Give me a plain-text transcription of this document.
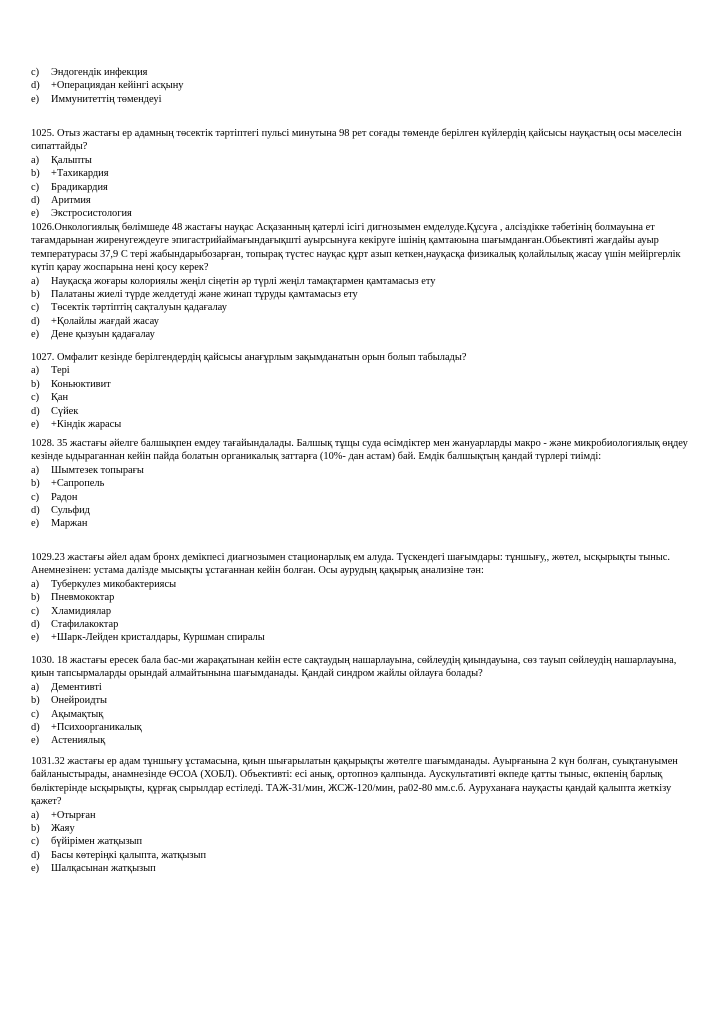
c)	Эндогендік инфекция
d)	+Операциядан кейінгі асқыну
e)	Иммунитеттің төмендеуі

1025. Отыз жастағы ер адамның төсектік тәртіптегі пульсі минутына 98 рет соғады төменде берілген күйлердің қайсысы науқастың осы мәселесін сипаттайды?

a)	Қалыпты
b)	+Тахикардия
c)	Брадикардия
d)	Аритмия
e)	Экстросистология

1026.Онкологиялық бөлімшеде 48 жастағы науқас Асқазанның қатерлі ісігі дигнозымен емделуде.Құсуға , алсіздікке тәбетінің болмауына ет тағамдарынан жиренугеждеуге эпигастрийаймағындағықшті ауырсынуға кекіруге ішінің қамтаюына шағымданған.Обьективті жағдайы ауыр температурасы 37,9 С тері жабындарыбозарған, топырақ түстес науқас құрт азып кеткен,науқасқа физикалық қолайлылық жасау үшін мейіргерлік күтіп қарау жоспарына нені қосу керек?

a)	Науқасқа жоғары колориялы жеңіл сіңетін әр түрлі жеңіл тамақтармен қамтамасыз ету
b)	Палатаны жиелі түрде желдетуді және жинап тұруды қамтамасыз ету
c)	Төсектік тәртіптің сақталуын қадағалау
d)	+Қолайлы жағдай жасау
e)	Дене қызуын қадағалау

1027. Омфалит кезінде берілгендердің қайсысы анағұрлым зақымданатын орын болып табылады?

a)	Тері
b)	Коньюктивит
c)	Қан
d)	Сүйек
e)	+Кіндік жарасы

1028. 35 жастағы әйелге балшықпен емдеу тағайындалады. Балшық тұщы суда өсімдіктер мен жануарларды макро - және микробиологиялық өңдеу кезінде ыдыраганнан кейін пайда болатын органикалық заттарға (10%- дан астам) бай. Емдік балшықтың қандай түрлері тиімді:

a)	Шымтезек топырағы
b)	+Сапропель
c)	Радон
d)	Сульфид
e)	Маржан

1029.23 жастағы әйел адам бронх демікпесі диагнозымен стационарлық ем алуда. Түскендегі шағымдары: тұншығу,, жөтел, ысқырықты тыныс. Анемнезінен: устама далізде мысықты ұстағаннан кейін болған. Осы аурудың қақырық анализіне тән:

a)	Туберкулез микобактериясы
b)	Пневмококтар
c)	Хламидиялар
d)	Стафилакоктар
e)	+Шарк-Лейден кристалдары, Куршман спиралы

1030. 18 жастағы ересек бала бас-ми жарақатынан кейін есте сақтаудың нашарлауына, сөйлеудің қиындауына, сөз тауып сөйлеудің нашарлауына, қиын тапсырмаларды орындай алмайтынына шағымданады. Қандай синдром жайлы ойлауға болады?

a)	Дементивті
b)	Онейроидты
c)	Ақымақтық
d)	+Психоорганикалық
e)	Астениялық

1031.32 жастағы ер адам тұншығу ұстамасына, қиын шығарылатын қақырықты жөтелге шағымданады. Ауырғанына 2 күн болған, суықтануымен байланыстырады, анамнезінде ӨСОА (ХОБЛ). Объективті: есі анық, ортопноэ қалпында. Аускультативті өкпеде қатты тыныс, өкпенің барлық бөліктерінде ысқырықты, құрғақ сырылдар естіледі. ТАЖ-31/мин, ЖСЖ-120/мин, ра02-80 мм.с.б. Ауруханаға науқасты қандай қалыпта жеткізу қажет?

a)	+Отырған
b)	Жаяу
c)	бүйірімен жатқызып
d)	Басы көтеріңкі қалыпта, жатқызып
e)	Шалқасынан жатқызып
